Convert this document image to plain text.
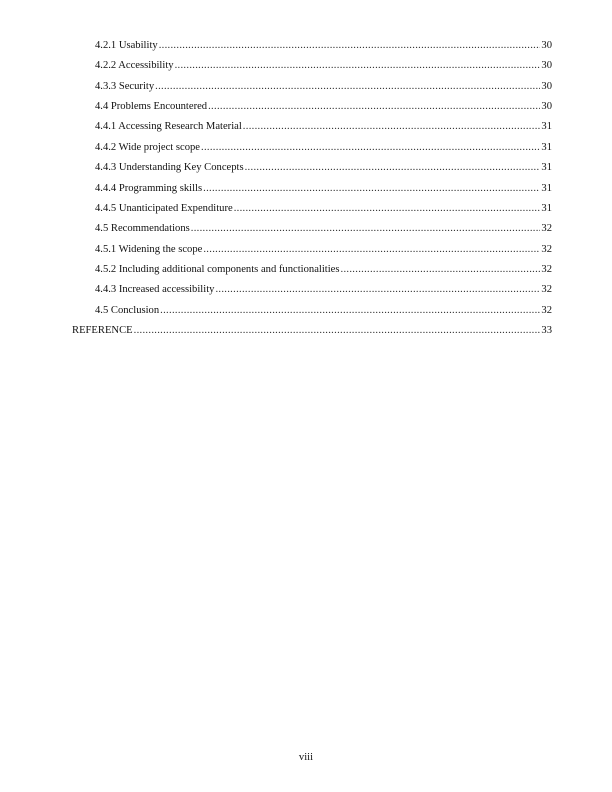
4.2.1 Usability .....	30
4.2.2 Accessibility .....	30
4.3.3 Security .....	30
4.4 Problems Encountered .....	30
4.4.1 Accessing Research Material .....	31
4.4.2 Wide project scope .....	31
4.4.3 Understanding Key Concepts .....	31
4.4.4 Programming skills .....	31
4.4.5 Unanticipated Expenditure .....	31
4.5 Recommendations .....	32
4.5.1 Widening the scope .....	32
4.5.2 Including additional components and functionalities .....	32
4.4.3 Increased accessibility .....	32
4.5 Conclusion .....	32
REFERENCE .....	33
viii
